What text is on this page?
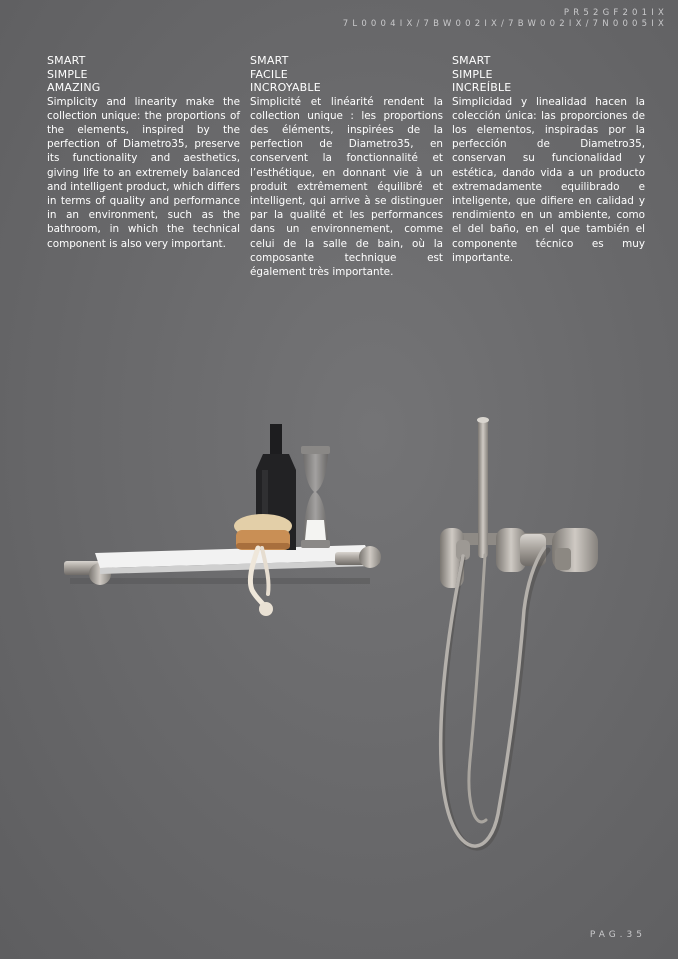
PR52GF201IX
7L0004IX/7BW002IX/7BW002IX/7N0005IX
SMART
SIMPLE
AMAZING

Simplicity and linearity make the collection unique: the proportions of the elements, inspired by the perfection of Diametro35, preserve its functionality and aesthetics, giving life to an extremely balanced and intelligent product, which differs in terms of quality and performance in an environment, such as the bathroom, in which the technical component is also very important.

SMART
FACILE
INCROYABLE

Simplicité et linéarité rendent la collection unique : les proportions des éléments, inspirées de la perfection de Diametro35, en conservent la fonctionnalité et l’esthétique, en donnant vie à un produit extrêmement équilibré et intelligent, qui arrive à se distinguer par la qualité et les performances dans un environnement, comme celui de la salle de bain, où la composante technique est également très importante.

SMART
SIMPLE
INCREÍBLE

Simplicidad y linealidad hacen la colección única: las proporciones de los elementos, inspiradas por la perfección de Diametro35, conservan su funcionalidad y estética, dando vida a un producto extremadamente equilibrado e inteligente, que difiere en calidad y rendimiento en un ambiente, como el del baño, en el que también el componente técnico es muy importante.

PAG.35
